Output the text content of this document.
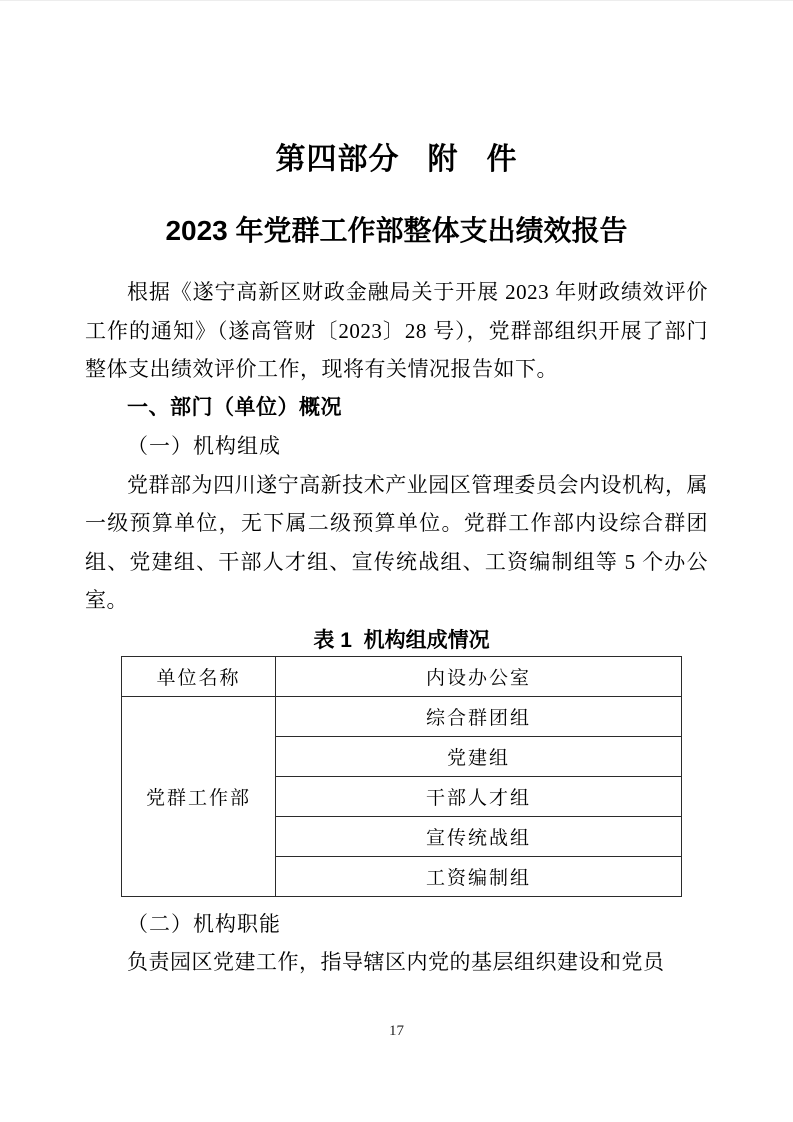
第四部分   附   件
2023 年党群工作部整体支出绩效报告

根据《遂宁高新区财政金融局关于开展 2023 年财政绩效评价工作的通知》（遂高管财〔2023〕28 号），党群部组织开展了部门整体支出绩效评价工作，现将有关情况报告如下。

一、部门（单位）概况
（一）机构组成

党群部为四川遂宁高新技术产业园区管理委员会内设机构，属一级预算单位，无下属二级预算单位。党群工作部内设综合群团组、党建组、干部人才组、宣传统战组、工资编制组等 5 个办公室。

表 1  机构组成情况
单位名称	内设办公室
党群工作部	综合群团组
	党建组
	干部人才组
	宣传统战组
	工资编制组
（二）机构职能

负责园区党建工作，指导辖区内党的基层组织建设和党员

17
